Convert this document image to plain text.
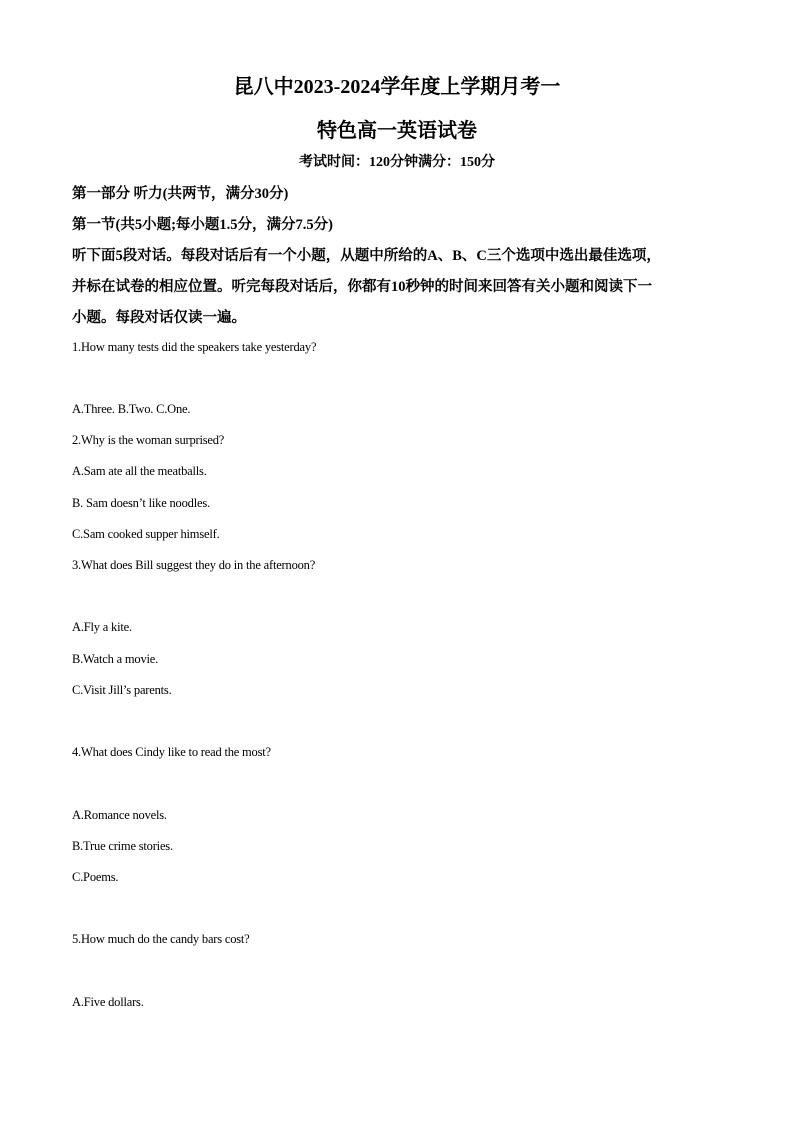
昆八中2023-2024学年度上学期月考一

特色高一英语试卷

考试时间：120分钟满分：150分

第一部分 听力(共两节，满分30分)

第一节(共5小题;每小题1.5分，满分7.5分)

听下面5段对话。每段对话后有一个小题，从题中所给的A、B、C三个选项中选出最佳选项，

并标在试卷的相应位置。听完每段对话后，你都有10秒钟的时间来回答有关小题和阅读下一

小题。每段对话仅读一遍。

1.How many tests did the speakers take yesterday?

A.Three. B.Two. C.One.

2.Why is the woman surprised?

A.Sam ate all the meatballs.

B. Sam doesn’t like noodles.

C.Sam cooked supper himself.

3.What does Bill suggest they do in the afternoon?

A.Fly a kite.

B.Watch a movie.

C.Visit Jill’s parents.

4.What does Cindy like to read the most?

A.Romance novels.

B.True crime stories.

C.Poems.

5.How much do the candy bars cost?

A.Five dollars.
